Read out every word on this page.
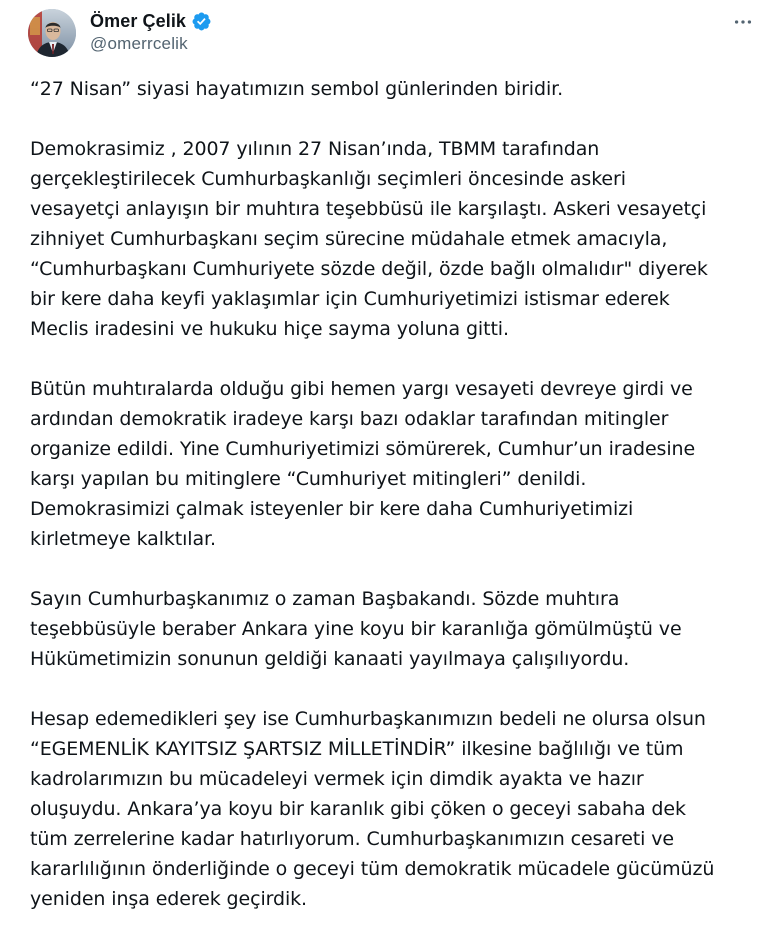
Ömer Çelik
@omerrcelik

“27 Nisan” siyasi hayatımızın sembol günlerinden biridir.

Demokrasimiz , 2007 yılının 27 Nisan’ında, TBMM tarafından
gerçekleştirilecek Cumhurbaşkanlığı seçimleri öncesinde askeri
vesayetçi anlayışın bir muhtıra teşebbüsü ile karşılaştı. Askeri vesayetçi
zihniyet Cumhurbaşkanı seçim sürecine müdahale etmek amacıyla,
“Cumhurbaşkanı Cumhuriyete sözde değil, özde bağlı olmalıdır" diyerek
bir kere daha keyfi yaklaşımlar için Cumhuriyetimizi istismar ederek
Meclis iradesini ve hukuku hiçe sayma yoluna gitti.

Bütün muhtıralarda olduğu gibi hemen yargı vesayeti devreye girdi ve
ardından demokratik iradeye karşı bazı odaklar tarafından mitingler
organize edildi. Yine Cumhuriyetimizi sömürerek, Cumhur’un iradesine
karşı yapılan bu mitinglere “Cumhuriyet mitingleri” denildi.
Demokrasimizi çalmak isteyenler bir kere daha Cumhuriyetimizi
kirletmeye kalktılar.

Sayın Cumhurbaşkanımız o zaman Başbakandı. Sözde muhtıra
teşebbüsüyle beraber Ankara yine koyu bir karanlığa gömülmüştü ve
Hükümetimizin sonunun geldiği kanaati yayılmaya çalışılıyordu.

Hesap edemedikleri şey ise Cumhurbaşkanımızın bedeli ne olursa olsun
“EGEMENLİK KAYITSIZ ŞARTSIZ MİLLETİNDİR” ilkesine bağlılığı ve tüm
kadrolarımızın bu mücadeleyi vermek için dimdik ayakta ve hazır
oluşuydu. Ankara’ya koyu bir karanlık gibi çöken o geceyi sabaha dek
tüm zerrelerine kadar hatırlıyorum. Cumhurbaşkanımızın cesareti ve
kararlılığının önderliğinde o geceyi tüm demokratik mücadele gücümüzü
yeniden inşa ederek geçirdik.
